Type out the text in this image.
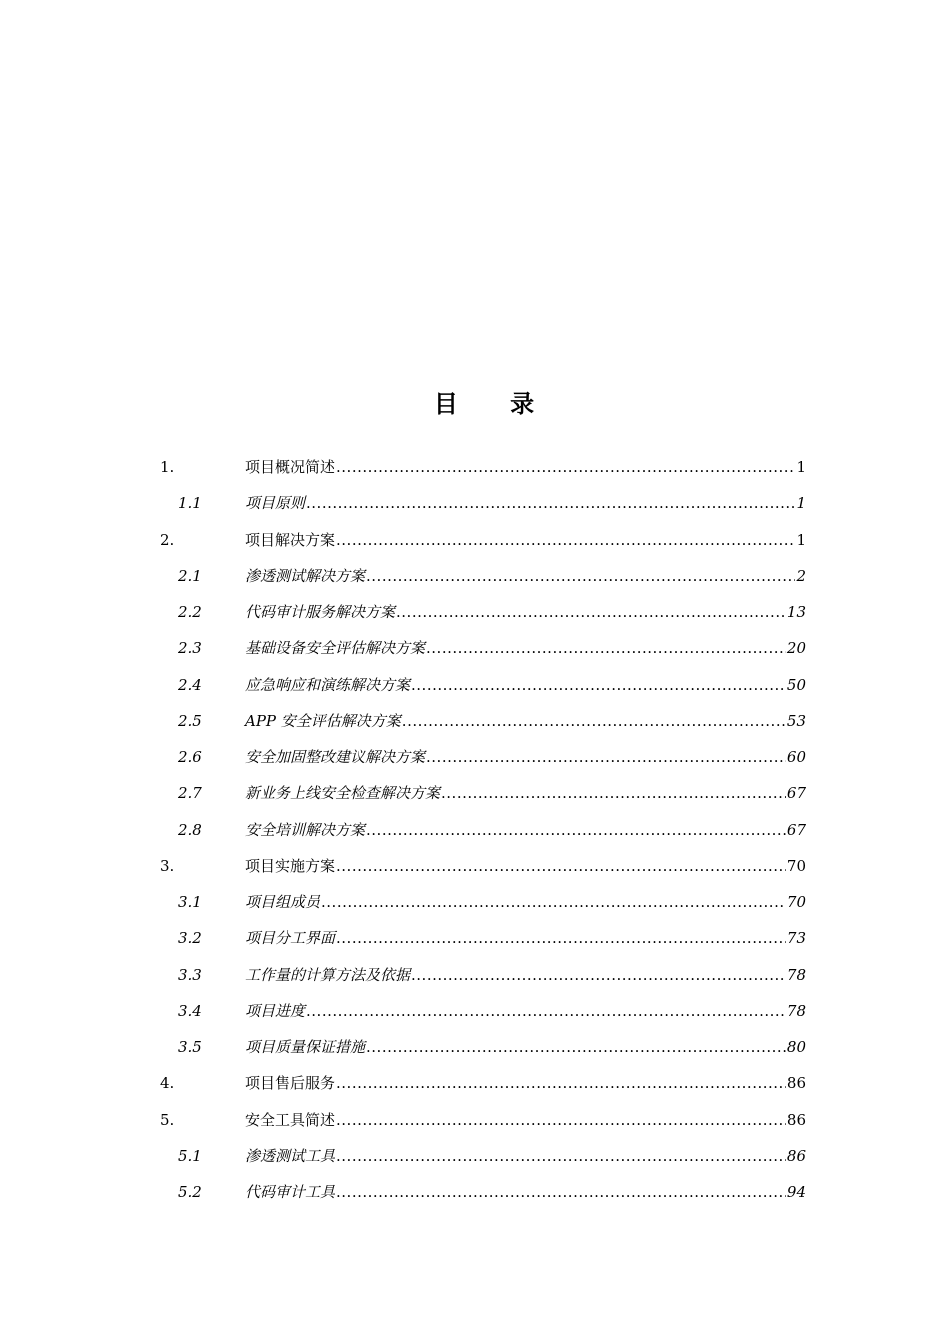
目 录
1.	项目概况简述 .....	1
1.1	项目原则 .....	1
2.	项目解决方案 .....	1
2.1	渗透测试解决方案 .....	2
2.2	代码审计服务解决方案 .....	13
2.3	基础设备安全评估解决方案 .....	20
2.4	应急响应和演练解决方案 .....	50
2.5	APP 安全评估解决方案 .....	53
2.6	安全加固整改建议解决方案 .....	60
2.7	新业务上线安全检查解决方案 .....	67
2.8	安全培训解决方案 .....	67
3.	项目实施方案 .....	70
3.1	项目组成员 .....	70
3.2	项目分工界面 .....	73
3.3	工作量的计算方法及依据 .....	78
3.4	项目进度 .....	78
3.5	项目质量保证措施 .....	80
4.	项目售后服务 .....	86
5.	安全工具简述 .....	86
5.1	渗透测试工具 .....	86
5.2	代码审计工具 .....	94
